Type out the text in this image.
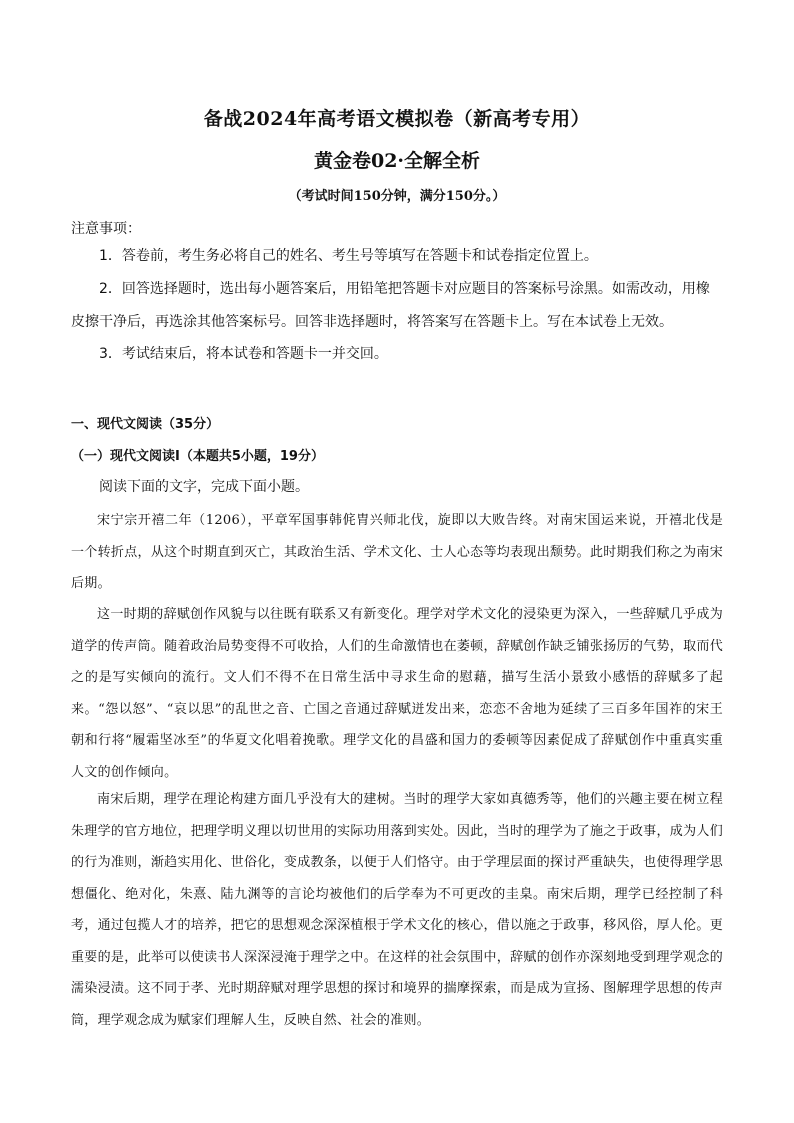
备战2024年高考语文模拟卷（新高考专用）
黄金卷02·全解全析
（考试时间150分钟，满分150分。）
注意事项：

1．答卷前，考生务必将自己的姓名、考生号等填写在答题卡和试卷指定位置上。

2．回答选择题时，选出每小题答案后，用铅笔把答题卡对应题目的答案标号涂黑。如需改动，用橡皮擦干净后，再选涂其他答案标号。回答非选择题时，将答案写在答题卡上。写在本试卷上无效。

3．考试结束后，将本试卷和答题卡一并交回。

一、现代文阅读（35分）
（一）现代文阅读Ⅰ（本题共5小题，19分）
阅读下面的文字，完成下面小题。

宋宁宗开禧二年（1206），平章军国事韩侂胄兴师北伐，旋即以大败告终。对南宋国运来说，开禧北伐是一个转折点，从这个时期直到灭亡，其政治生活、学术文化、士人心态等均表现出颓势。此时期我们称之为南宋后期。

这一时期的辞赋创作风貌与以往既有联系又有新变化。理学对学术文化的浸染更为深入，一些辞赋几乎成为道学的传声筒。随着政治局势变得不可收拾，人们的生命激情也在萎顿，辞赋创作缺乏铺张扬厉的气势，取而代之的是写实倾向的流行。文人们不得不在日常生活中寻求生命的慰藉，描写生活小景致小感悟的辞赋多了起来。“怨以怒”、“哀以思”的乱世之音、亡国之音通过辞赋迸发出来，恋恋不舍地为延续了三百多年国祚的宋王朝和行将“履霜坚冰至”的华夏文化唱着挽歌。理学文化的昌盛和国力的委顿等因素促成了辞赋创作中重真实重人文的创作倾向。

南宋后期，理学在理论构建方面几乎没有大的建树。当时的理学大家如真德秀等，他们的兴趣主要在树立程朱理学的官方地位，把理学明义理以切世用的实际功用落到实处。因此，当时的理学为了施之于政事，成为人们的行为准则，渐趋实用化、世俗化，变成教条，以便于人们恪守。由于学理层面的探讨严重缺失，也使得理学思想僵化、绝对化，朱熹、陆九渊等的言论均被他们的后学奉为不可更改的圭臬。南宋后期，理学已经控制了科考，通过包揽人才的培养，把它的思想观念深深植根于学术文化的核心，借以施之于政事，移风俗，厚人伦。更重要的是，此举可以使读书人深深浸淹于理学之中。在这样的社会氛围中，辞赋的创作亦深刻地受到理学观念的濡染浸渍。这不同于孝、光时期辞赋对理学思想的探讨和境界的揣摩探索，而是成为宣扬、图解理学思想的传声筒，理学观念成为赋家们理解人生，反映自然、社会的准则。
